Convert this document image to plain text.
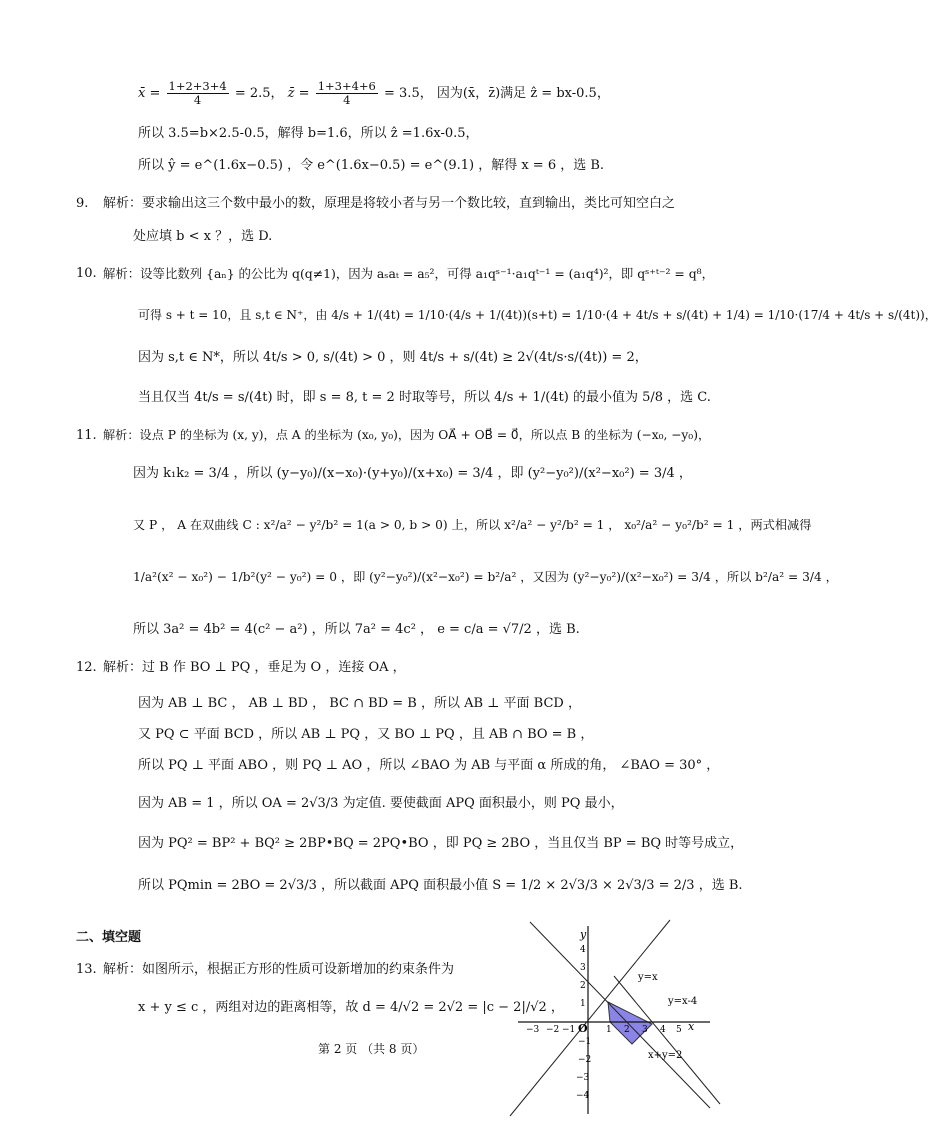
x̄ = $\frac{1+2+3+4}{4} = 2.5$， z̄ = $\frac{1+3+4+6}{4} = 3.5$， 因为(x̄，z̄)满足 ẑ = bx-0.5，
所以 3.5=b×2.5-0.5，解得 b=1.6，所以 ẑ =1.6x-0.5，
所以 ŷ = e^(1.6x−0.5) ，令 e^(1.6x−0.5) = e^(9.1) ，解得 x = 6 ，选 B.
9. 解析：要求输出这三个数中最小的数，原理是将较小者与另一个数比较，直到输出，类比可知空白之
处应填 b < x ？，选 D.
10. 解析：设等比数列 {aₙ} 的公比为 q(q≠1)，因为 aₛaₜ = a₅²，可得 a₁qˢ⁻¹·a₁qᵗ⁻¹ = (a₁q⁴)²，即 qˢ⁺ᵗ⁻² = q⁸，
可得 s + t = 10，且 s,t ∈ N⁺，由 4/s + 1/(4t) = 1/10·(4/s + 1/(4t))(s+t) = 1/10·(4 + 4t/s + s/(4t) + 1/4) = 1/10·(17/4 + 4t/s + s/(4t))，
因为 s,t ∈ N*，所以 4t/s > 0, s/(4t) > 0 ，则 4t/s + s/(4t) ≥ 2√(4t/s·s/(4t)) = 2，
当且仅当 4t/s = s/(4t) 时，即 s = 8, t = 2 时取等号，所以 4/s + 1/(4t) 的最小值为 5/8 ，选 C.
11. 解析：设点 P 的坐标为 (x, y)，点 A 的坐标为 (x₀, y₀)，因为 OA⃗ + OB⃗ = 0⃗，所以点 B 的坐标为 (−x₀, −y₀)，
因为 k₁k₂ = 3/4 ，所以 (y−y₀)/(x−x₀)·(y+y₀)/(x+x₀) = 3/4 ，即 (y²−y₀²)/(x²−x₀²) = 3/4 ，
又 P ， A 在双曲线 C : x²/a² − y²/b² = 1(a > 0, b > 0) 上，所以 x²/a² − y²/b² = 1 ， x₀²/a² − y₀²/b² = 1 ，两式相减得
1/a²(x² − x₀²) − 1/b²(y² − y₀²) = 0 ，即 (y²−y₀²)/(x²−x₀²) = b²/a² ，又因为 (y²−y₀²)/(x²−x₀²) = 3/4 ，所以 b²/a² = 3/4 ，
所以 3a² = 4b² = 4(c² − a²) ，所以 7a² = 4c² ， e = c/a = √7/2 ，选 B.
12. 解析：过 B 作 BO ⊥ PQ ，垂足为 O ，连接 OA ，
因为 AB ⊥ BC ， AB ⊥ BD ， BC ∩ BD = B ，所以 AB ⊥ 平面 BCD ，
又 PQ ⊂ 平面 BCD ，所以 AB ⊥ PQ ，又 BO ⊥ PQ ，且 AB ∩ BO = B ，
所以 PQ ⊥ 平面 ABO ，则 PQ ⊥ AO ，所以 ∠BAO 为 AB 与平面 α 所成的角， ∠BAO = 30° ，
因为 AB = 1 ，所以 OA = 2√3/3 为定值. 要使截面 APQ 面积最小，则 PQ 最小，
因为 PQ² = BP² + BQ² ≥ 2BP•BQ = 2PQ•BO ，即 PQ ≥ 2BO ，当且仅当 BP = BQ 时等号成立，
所以 PQmin = 2BO = 2√3/3 ，所以截面 APQ 面积最小值 S = 1/2 × 2√3/3 × 2√3/3 = 2/3 ，选 B.
二、填空题
13. 解析：如图所示，根据正方形的性质可设新增加的约束条件为
x + y ≤ c ，两组对边的距离相等，故 d = 4/√2 = 2√2 = |c − 2|/√2 ，
第 2 页 （共 8 页）
y
x
O
y=x
y=x-4
x+y=2
−3 −2 −1	1 2 3 4 5
4
3
2
1
−1
−2
−3
−4
